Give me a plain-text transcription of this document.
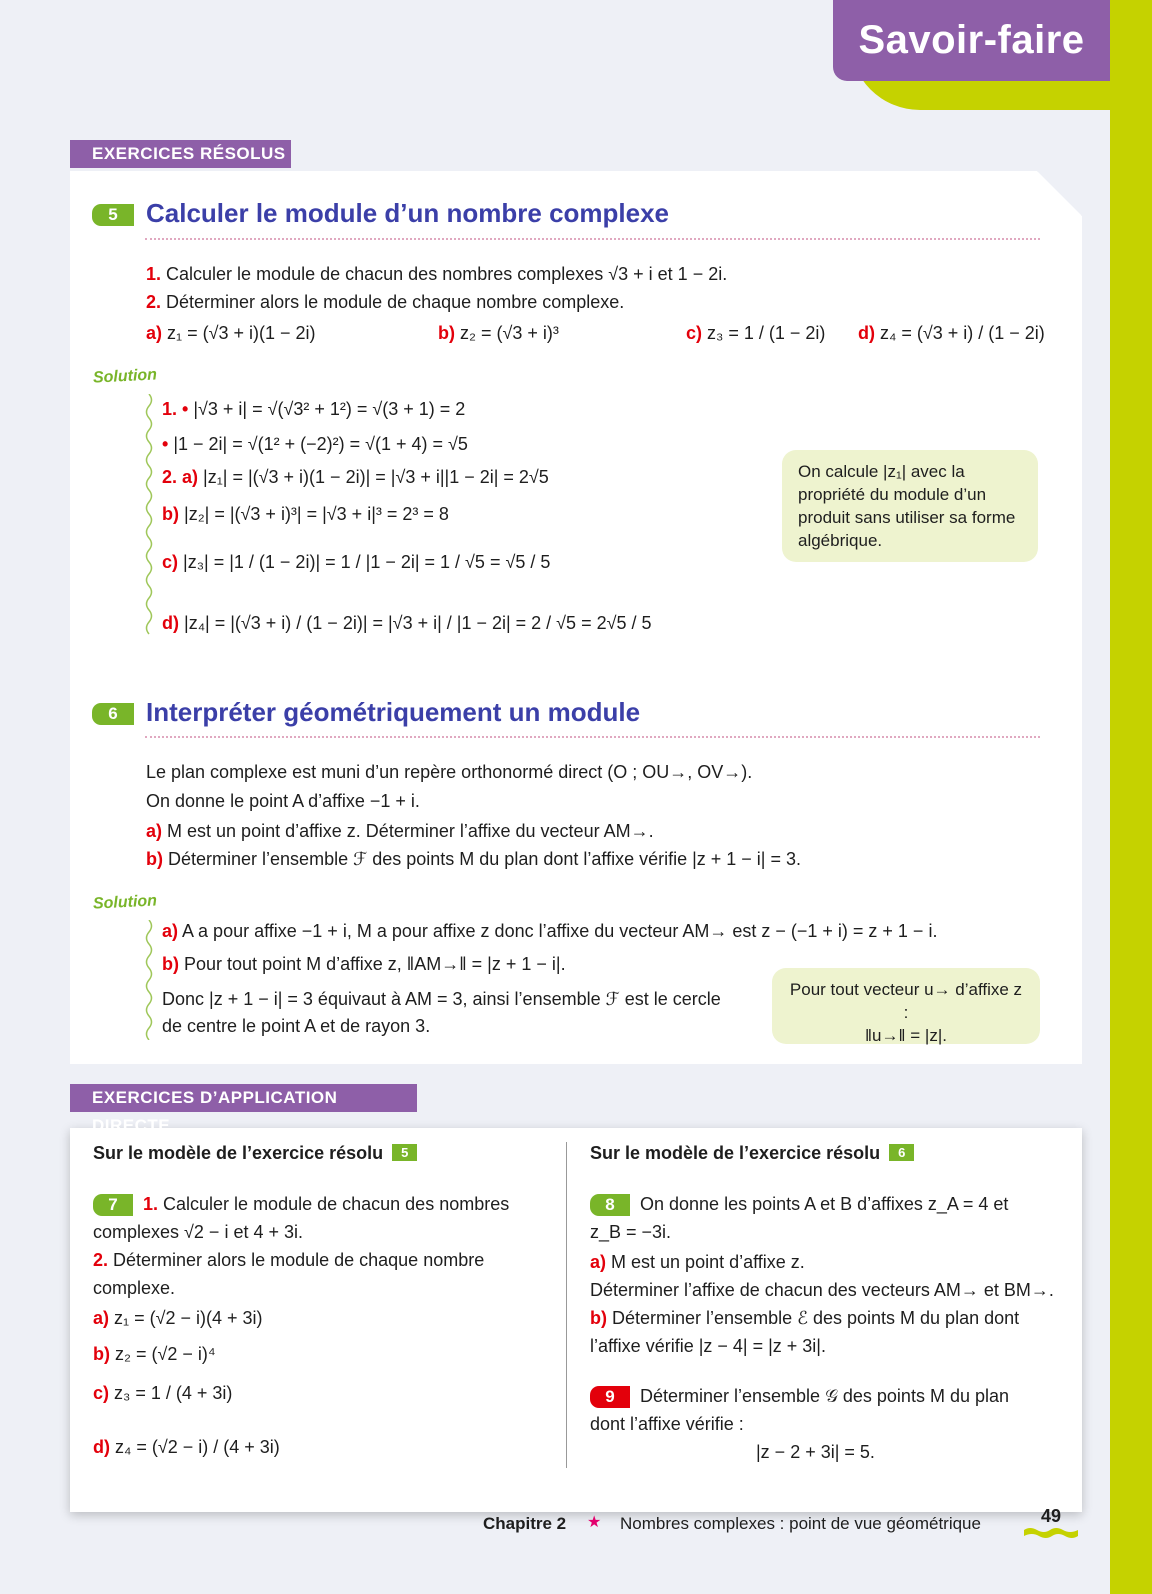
Savoir-faire
EXERCICES RÉSOLUS
5	Calculer le module d’un nombre complexe
1. Calculer le module de chacun des nombres complexes √3 + i et 1 − 2i.
2. Déterminer alors le module de chaque nombre complexe.
a) z₁ = (√3 + i)(1 − 2i)	b) z₂ = (√3 + i)³	c) z₃ = 1 / (1 − 2i) d) z₄ = (√3 + i) / (1 − 2i)
Solution
1. • |√3 + i| = √(√3² + 1²) = √(3 + 1) = 2
• |1 − 2i| = √(1² + (−2)²) = √(1 + 4) = √5
2. a) |z₁| = |(√3 + i)(1 − 2i)| = |√3 + i||1 − 2i| = 2√5
b) |z₂| = |(√3 + i)³| = |√3 + i|³ = 2³ = 8
c) |z₃| = |1 / (1 − 2i)| = 1 / |1 − 2i| = 1 / √5 = √5 / 5
d) |z₄| = |(√3 + i) / (1 − 2i)| = |√3 + i| / |1 − 2i| = 2 / √5 = 2√5 / 5
On calcule |z₁| avec la propriété du module d’un produit sans utiliser sa forme algébrique.
6	Interpréter géométriquement un module
Le plan complexe est muni d’un repère orthonormé direct (O ; OU→, OV→).
On donne le point A d’affixe −1 + i.
a) M est un point d’affixe z. Déterminer l’affixe du vecteur AM→.
b) Déterminer l’ensemble ℱ des points M du plan dont l’affixe vérifie |z + 1 − i| = 3.
Solution
a) A a pour affixe −1 + i, M a pour affixe z donc l’affixe du vecteur AM→ est z − (−1 + i) = z + 1 − i.
b) Pour tout point M d’affixe z, ‖AM→‖ = |z + 1 − i|.
Donc |z + 1 − i| = 3 équivaut à AM = 3, ainsi l’ensemble ℱ est le cercle
de centre le point A et de rayon 3.
Pour tout vecteur u→ d’affixe z :
‖u→‖ = |z|.
EXERCICES D’APPLICATION DIRECTE
Sur le modèle de l’exercice résolu 5
7 1. Calculer le module de chacun des nombres
complexes √2 − i et 4 + 3i.
2. Déterminer alors le module de chaque nombre
complexe.
a) z₁ = (√2 − i)(4 + 3i)
b) z₂ = (√2 − i)⁴
c) z₃ = 1 / (4 + 3i)
d) z₄ = (√2 − i) / (4 + 3i)
Sur le modèle de l’exercice résolu 6
8 On donne les points A et B d’affixes z_A = 4 et
z_B = −3i.
a) M est un point d’affixe z.
Déterminer l’affixe de chacun des vecteurs AM→ et BM→.
b) Déterminer l’ensemble ℰ des points M du plan dont
l’affixe vérifie |z − 4| = |z + 3i|.
9 Déterminer l’ensemble 𝒢 des points M du plan
dont l’affixe vérifie :
|z − 2 + 3i| = 5.
Chapitre 2 ★ Nombres complexes : point de vue géométrique	49
